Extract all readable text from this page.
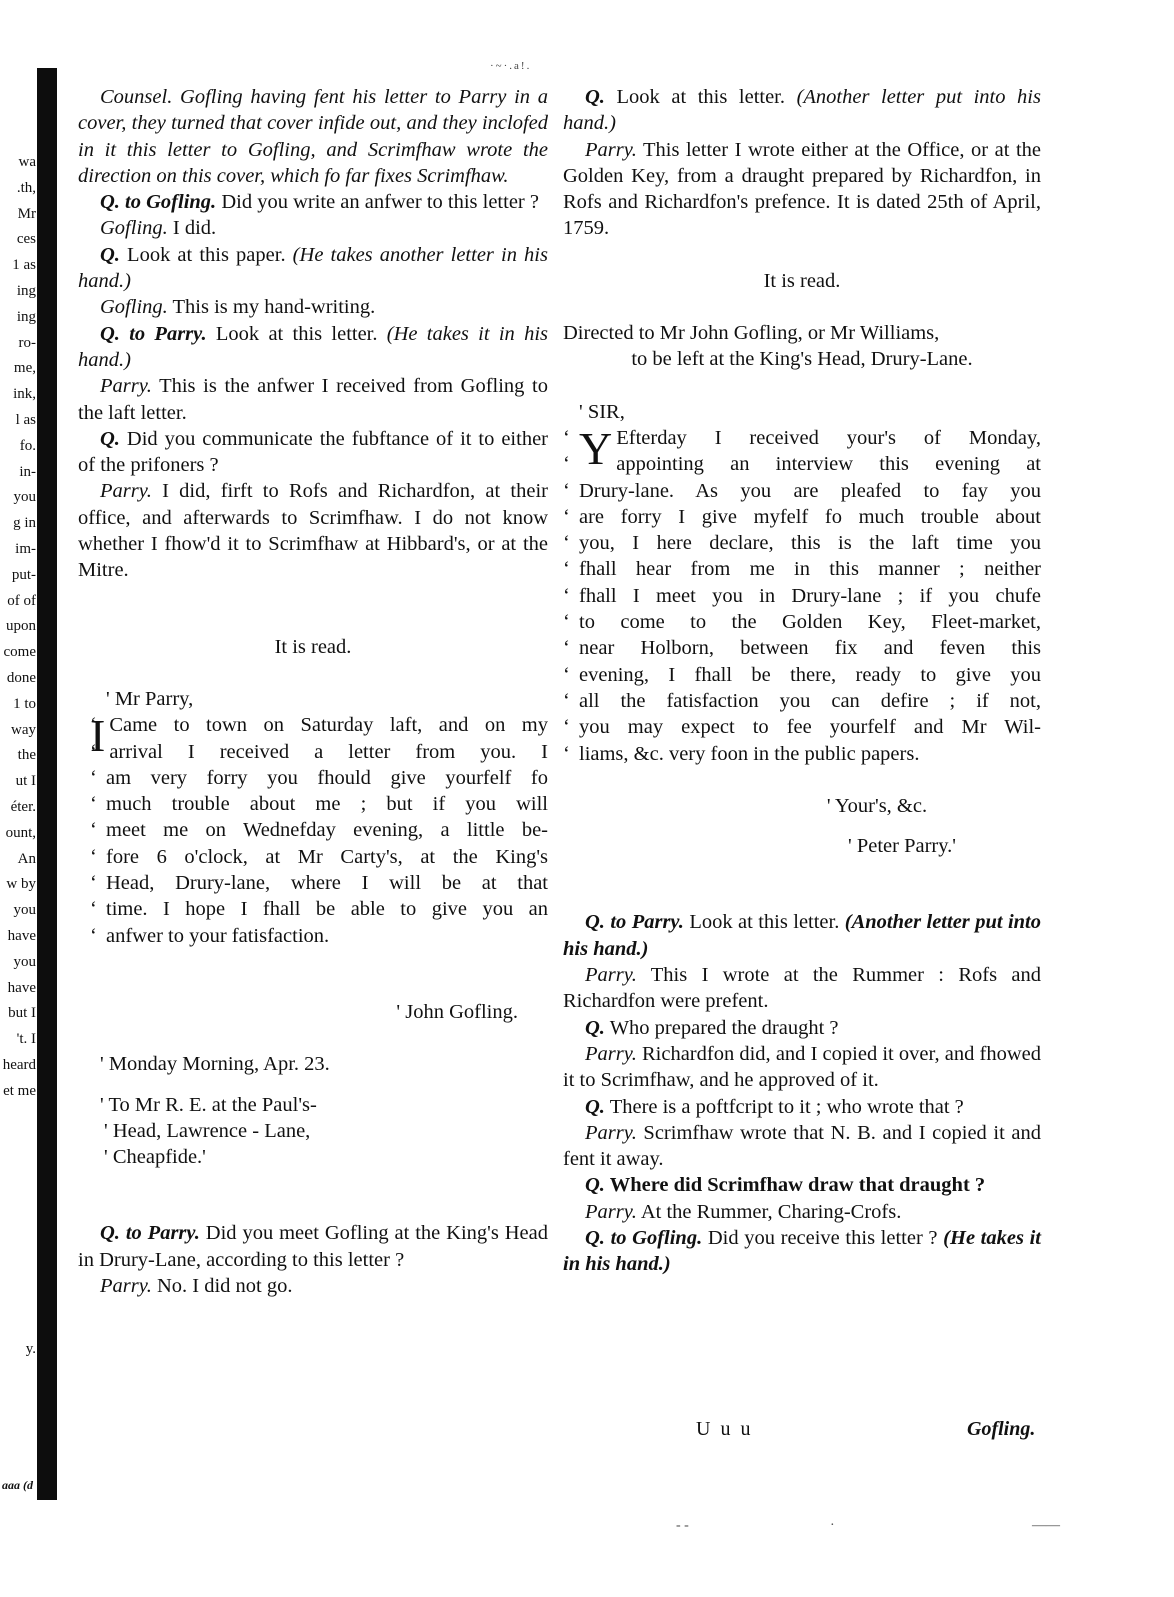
·~·.a!.
wa
.th,
Mr
ces
1 as
ing
ing
ro-
me,
ink,
l as
fo.
in-
you
g in
im-
put-
of of
upon
come
done
1 to
way
the
ut I
éter.
ount,
An
w by
you
have
you
have
but I
't. I
heard
et me

y.
aaa (d
Counsel. Gofling having fent his letter to Parry in a cover, they turned that cover infide out, and they inclofed in it this letter to Gofling, and Scrimfhaw wrote the direction on this cover, which fo far fixes Scrimfhaw.
Q. to Gofling. Did you write an anfwer to this letter ?
Gofling. I did.
Q. Look at this paper. (He takes another letter in his hand.)
Gofling. This is my hand-writing.
Q. to Parry. Look at this letter. (He takes it in his hand.)
Parry. This is the anfwer I received from Gofling to the laft letter.
Q. Did you communicate the fubftance of it to either of the prifoners ?
Parry. I did, firft to Rofs and Richardfon, at their office, and afterwards to Scrimfhaw. I do not know whether I fhow'd it to Scrimfhaw at Hibbard's, or at the Mitre.
It is read.
' Mr Parry,
I ‘ Came to town on Saturday laft, and on my
‘ arrival I received a letter from you. I
‘ am very forry you fhould give yourfelf fo
‘ much trouble about me ; but if you will
‘ meet me on Wednefday evening, a little be-
‘ fore 6 o'clock, at Mr Carty's, at the King's
‘ Head, Drury-lane, where I will be at that
‘ time. I hope I fhall be able to give you an
‘ anfwer to your fatisfaction.
' John Gofling.
' Monday Morning, Apr. 23.
' To Mr R. E. at the Paul's-
' Head, Lawrence - Lane,
' Cheapfide.'
Q. to Parry. Did you meet Gofling at the King's Head in Drury-Lane, according to this letter ?
Parry. No. I did not go.
Q. Look at this letter. (Another letter put into his hand.)
Parry. This letter I wrote either at the Office, or at the Golden Key, from a draught prepared by Richardfon, in Rofs and Richardfon's prefence. It is dated 25th of April, 1759.
It is read.
Directed to Mr John Gofling, or Mr Williams,
to be left at the King's Head, Drury-Lane.
' SIR,
Y ‘ Efterday I received your's of Monday,
‘ appointing an interview this evening at
‘ Drury-lane. As you are pleafed to fay you
‘ are forry I give myfelf fo much trouble about
‘ you, I here declare, this is the laft time you
‘ fhall hear from me in this manner ; neither
‘ fhall I meet you in Drury-lane ; if you chufe
‘ to come to the Golden Key, Fleet-market,
‘ near Holborn, between fix and feven this
‘ evening, I fhall be there, ready to give you
‘ all the fatisfaction you can defire ; if not,
‘ you may expect to fee yourfelf and Mr Wil-
‘ liams, &c. very foon in the public papers.
' Your's, &c.
' Peter Parry.'
Q. to Parry. Look at this letter. (Another letter put into his hand.)
Parry. This I wrote at the Rummer : Rofs and Richardfon were prefent.
Q. Who prepared the draught ?
Parry. Richardfon did, and I copied it over, and fhowed it to Scrimfhaw, and he approved of it.
Q. There is a poftfcript to it ; who wrote that ?
Parry. Scrimfhaw wrote that N. B. and I copied it and fent it away.
Q. Where did Scrimfhaw draw that draught ?
Parry. At the Rummer, Charing-Crofs.
Q. to Gofling. Did you receive this letter ? (He takes it in his hand.)
Uuu	Gofling.
- -	·	——
